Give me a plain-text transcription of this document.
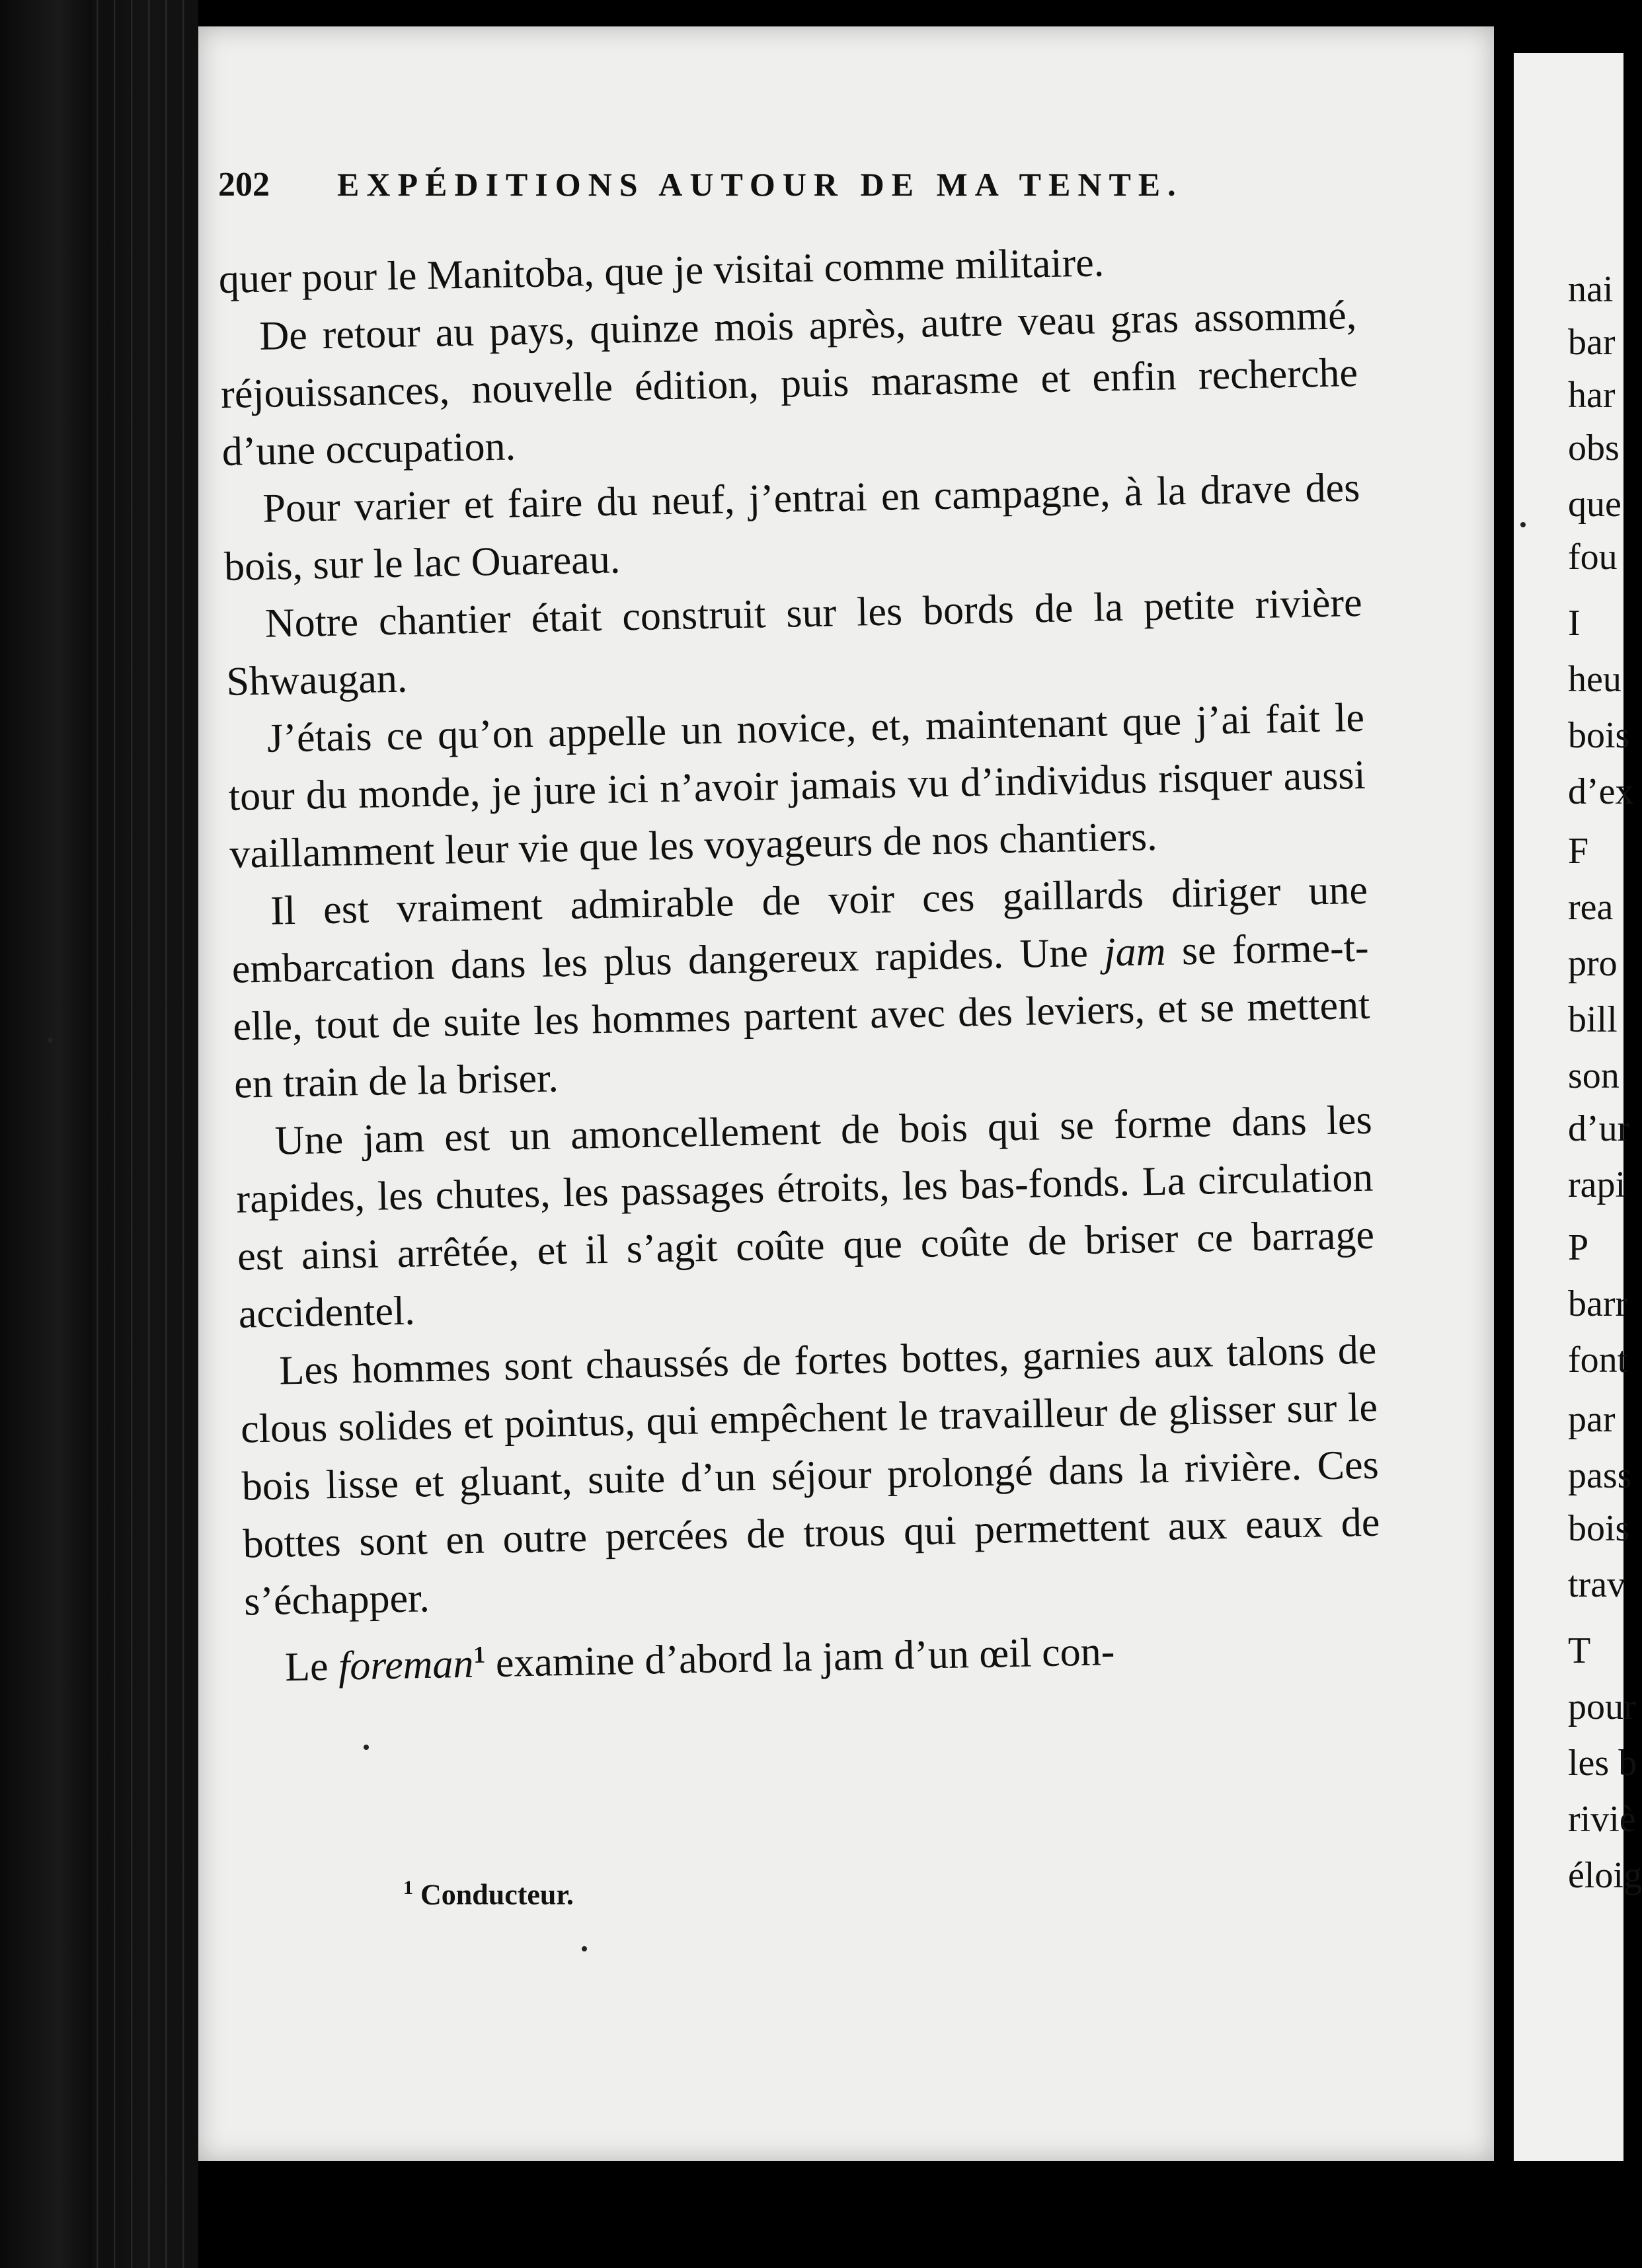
202 EXPÉDITIONS AUTOUR DE MA TENTE.

quer pour le Manitoba, que je visitai comme militaire.

De retour au pays, quinze mois après, autre veau gras assommé, réjouissances, nouvelle édition, puis marasme et enfin recherche d’une occupation.

Pour varier et faire du neuf, j’entrai en campagne, à la drave des bois, sur le lac Ouareau.

Notre chantier était construit sur les bords de la petite rivière Shwaugan.

J’étais ce qu’on appelle un novice, et, maintenant que j’ai fait le tour du monde, je jure ici n’avoir jamais vu d’individus risquer aussi vaillamment leur vie que les voyageurs de nos chantiers.

Il est vraiment admirable de voir ces gaillards diriger une embarcation dans les plus dangereux rapides. Une jam se forme-t-elle, tout de suite les hommes partent avec des leviers, et se mettent en train de la briser.

Une jam est un amoncellement de bois qui se forme dans les rapides, les chutes, les passages étroits, les bas-fonds. La circulation est ainsi arrêtée, et il s’agit coûte que coûte de briser ce barrage accidentel.

Les hommes sont chaussés de fortes bottes, garnies aux talons de clous solides et pointus, qui empêchent le travailleur de glisser sur le bois lisse et gluant, suite d’un séjour prolongé dans la rivière. Ces bottes sont en outre percées de trous qui permettent aux eaux de s’échapper.

Le foreman$^1$ examine d’abord la jam d’un œil con-

$^1$ Conducteur.
nai
bar
har
obs
que
fou
I
heu
bois
d’ex
F
rea
pro
bill
son
d’ur
rapi
P
barr
font
par
pass
bois
trav
T
pour
les b
riviè
éloig
